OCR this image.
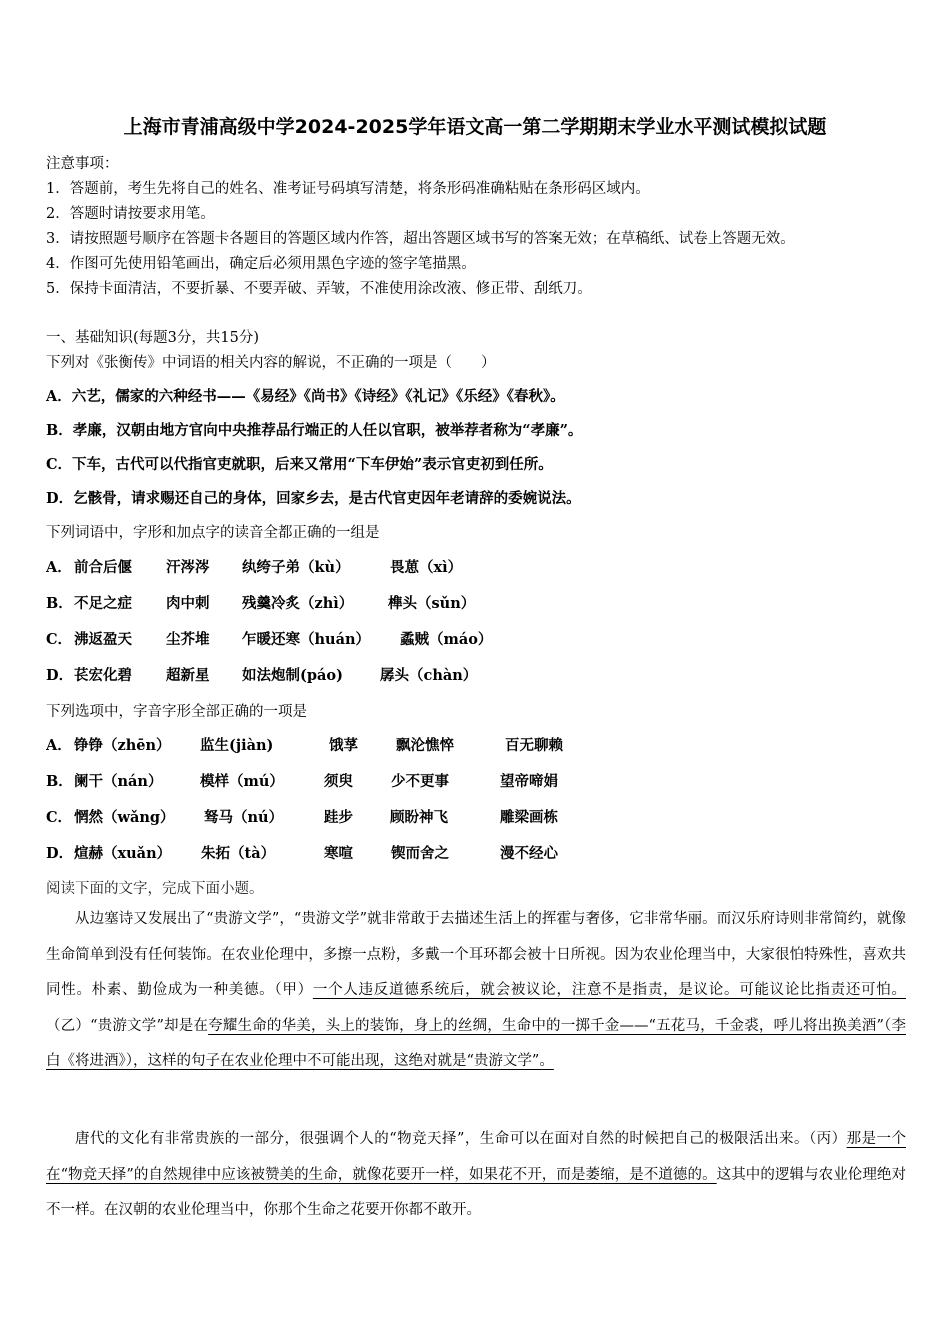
上海市青浦高级中学2024-2025学年语文高一第二学期期末学业水平测试模拟试题
注意事项：
1．答题前，考生先将自己的姓名、准考证号码填写清楚，将条形码准确粘贴在条形码区域内。
2．答题时请按要求用笔。
3．请按照题号顺序在答题卡各题目的答题区域内作答，超出答题区域书写的答案无效；在草稿纸、试卷上答题无效。
4．作图可先使用铅笔画出，确定后必须用黑色字迹的签字笔描黑。
5．保持卡面清洁，不要折暴、不要弄破、弄皱，不准使用涂改液、修正带、刮纸刀。
一、基础知识(每题3分，共15分)
下列对《张衡传》中词语的相关内容的解说，不正确的一项是（　　）
A．六艺，儒家的六种经书——《易经》《尚书》《诗经》《礼记》《乐经》《春秋》。
B．孝廉，汉朝由地方官向中央推荐品行端正的人任以官职，被举荐者称为“孝廉”。
C．下车，古代可以代指官吏就职，后来又常用“下车伊始”表示官吏初到任所。
D．乞骸骨，请求赐还自己的身体，回家乡去，是古代官吏因年老请辞的委婉说法。
下列词语中，字形和加点字的读音全都正确的一组是
A． 前合后偃 汗涔涔 纨绔子弟（kù）	畏葸（xì）
B． 不足之症 肉中刺 残羹冷炙（zhì） 榫头（sǔn）
C． 沸返盈天 尘芥堆 乍暖还寒（huán） 蟊贼（máo）
D． 苌宏化碧 超新星 如法炮制(páo)	孱头（chàn）
下列选项中，字音字形全部正确的一项是
A． 铮铮（zhēn） 监生(jiàn)	饿莩	飘沦憔悴	百无聊赖
B． 阑干（nán）	模样（mú）	须臾	少不更事	望帝啼娟
C． 惘然（wǎng） 驽马（nú）	跬步	顾盼神飞	雕梁画栋
D． 煊赫（xuǎn） 朱拓（tà）	寒喧	锲而舍之	漫不经心
阅读下面的文字，完成下面小题。
从边塞诗又发展出了“贵游文学”，“贵游文学”就非常敢于去描述生活上的挥霍与奢侈，它非常华丽。而汉乐府诗则非常简约，就像生命简单到没有任何装饰。在农业伦理中，多擦一点粉，多戴一个耳环都会被十日所视。因为农业伦理当中，大家很怕特殊性，喜欢共同性。朴素、勤俭成为一种美德。（甲）一个人违反道德系统后，就会被议论，注意不是指责，是议论。可能议论比指责还可怕。（乙）“贵游文学”却是在夸耀生命的华美，头上的装饰，身上的丝绸，生命中的一掷千金——“五花马，千金裘，呼儿将出换美酒”（李白《将进酒》），这样的句子在农业伦理中不可能出现，这绝对就是“贵游文学”。
唐代的文化有非常贵族的一部分，很强调个人的“物竞天择”，生命可以在面对自然的时候把自己的极限活出来。（丙）那是一个在“物竞天择”的自然规律中应该被赞美的生命，就像花要开一样，如果花不开，而是萎缩，是不道德的。这其中的逻辑与农业伦理绝对不一样。在汉朝的农业伦理当中，你那个生命之花要开你都不敢开。
